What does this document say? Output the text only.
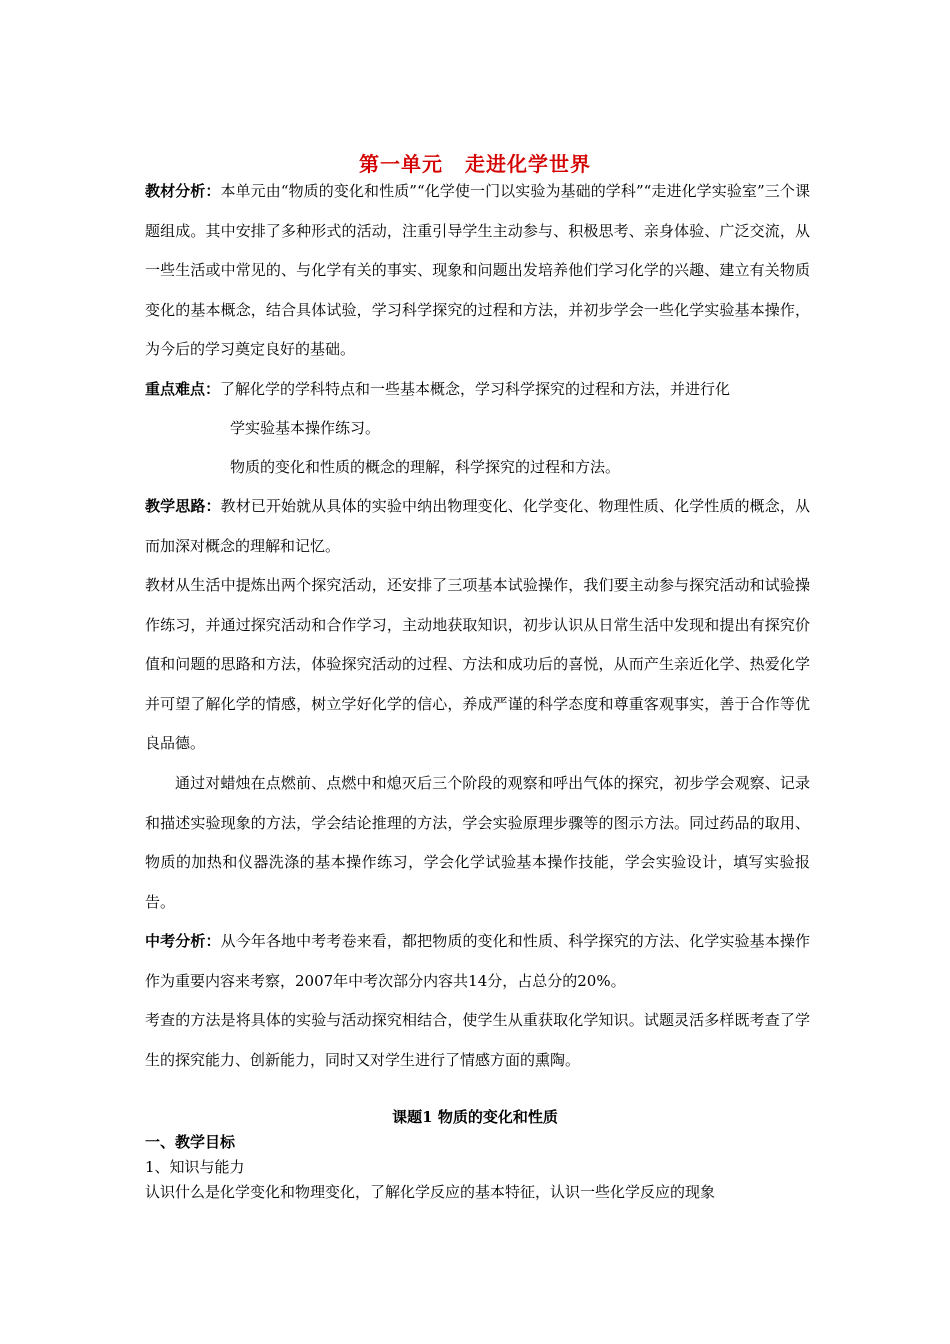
第一单元 走进化学世界

教材分析：本单元由“物质的变化和性质”“化学使一门以实验为基础的学科”“走进化学实验室”三个课题组成。其中安排了多种形式的活动，注重引导学生主动参与、积极思考、亲身体验、广泛交流，从一些生活或中常见的、与化学有关的事实、现象和问题出发培养他们学习化学的兴趣、建立有关物质变化的基本概念，结合具体试验，学习科学探究的过程和方法，并初步学会一些化学实验基本操作，为今后的学习奠定良好的基础。

重点难点：了解化学的学科特点和一些基本概念，学习科学探究的过程和方法，并进行化

学实验基本操作练习。

物质的变化和性质的概念的理解，科学探究的过程和方法。

教学思路：教材已开始就从具体的实验中纳出物理变化、化学变化、物理性质、化学性质的概念，从而加深对概念的理解和记忆。

教材从生活中提炼出两个探究活动，还安排了三项基本试验操作，我们要主动参与探究活动和试验操作练习，并通过探究活动和合作学习，主动地获取知识，初步认识从日常生活中发现和提出有探究价值和问题的思路和方法，体验探究活动的过程、方法和成功后的喜悦，从而产生亲近化学、热爱化学并可望了解化学的情感，树立学好化学的信心，养成严谨的科学态度和尊重客观事实，善于合作等优良品德。

通过对蜡烛在点燃前、点燃中和熄灭后三个阶段的观察和呼出气体的探究，初步学会观察、记录和描述实验现象的方法，学会结论推理的方法，学会实验原理步骤等的图示方法。同过药品的取用、物质的加热和仪器洗涤的基本操作练习，学会化学试验基本操作技能，学会实验设计，填写实验报告。

中考分析：从今年各地中考考卷来看，都把物质的变化和性质、科学探究的方法、化学实验基本操作作为重要内容来考察，2007年中考次部分内容共14分，占总分的20%。

考查的方法是将具体的实验与活动探究相结合，使学生从重获取化学知识。试题灵活多样既考查了学生的探究能力、创新能力，同时又对学生进行了情感方面的熏陶。

课题1 物质的变化和性质

一、教学目标

1、知识与能力

认识什么是化学变化和物理变化，了解化学反应的基本特征，认识一些化学反应的现象
